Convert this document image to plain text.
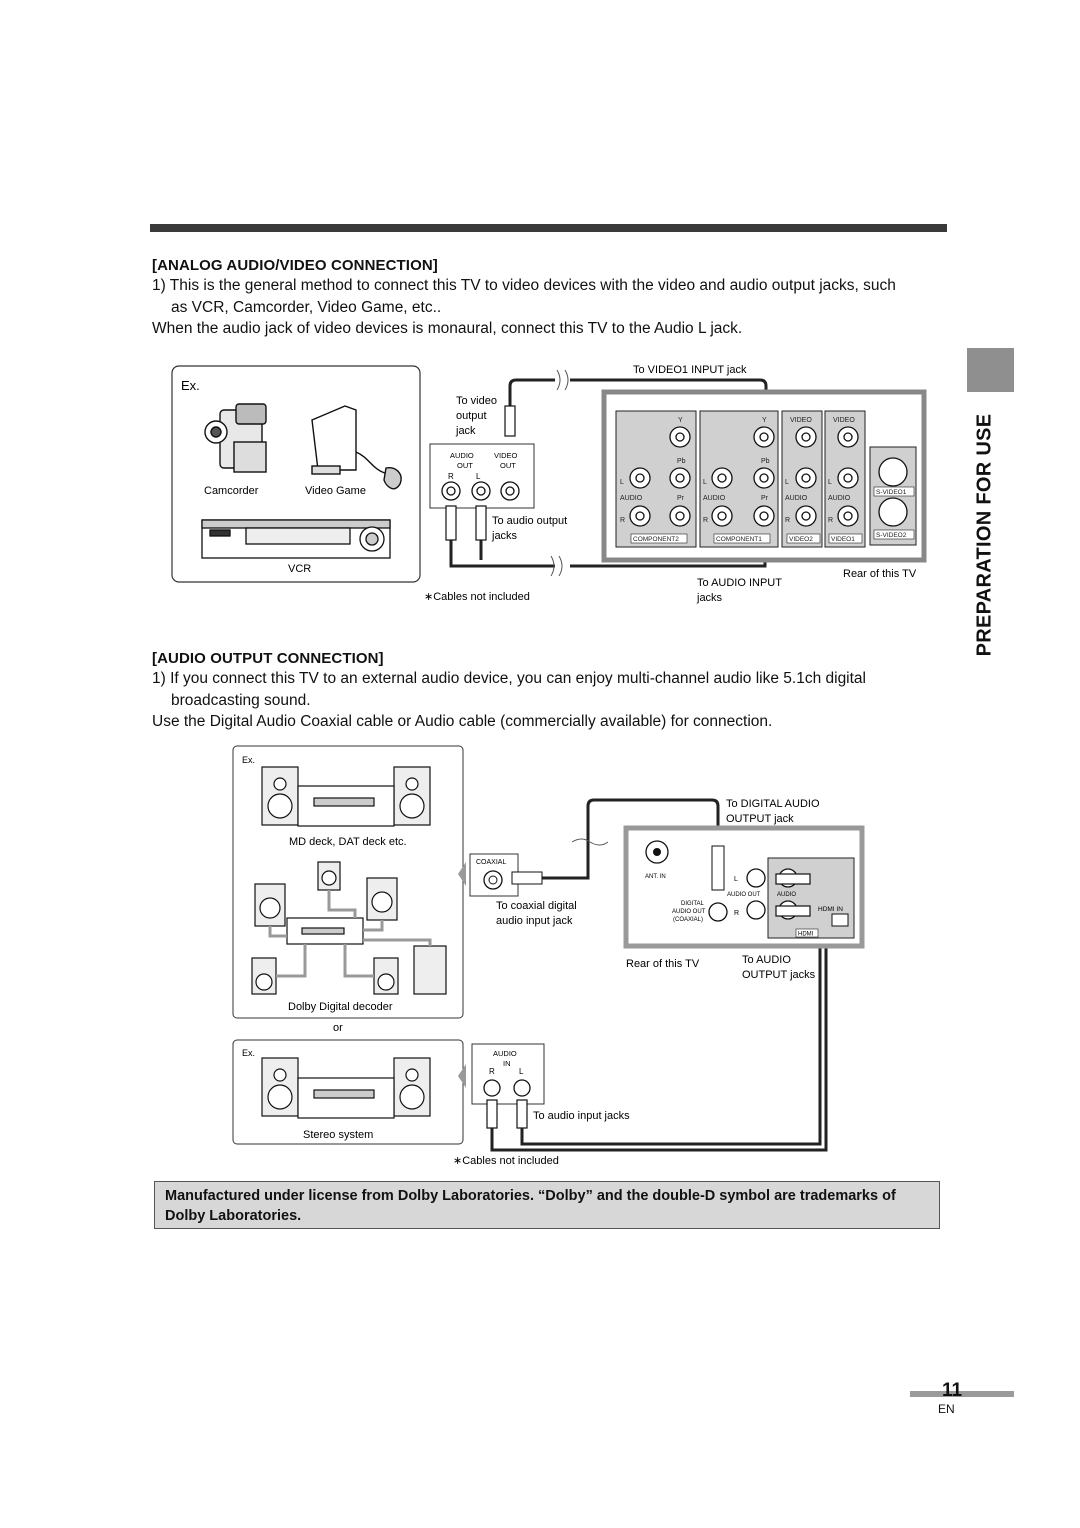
[ANALOG AUDIO/VIDEO CONNECTION]
1) This is the general method to connect this TV to video devices with the video and audio output jacks, such
as VCR, Camcorder, Video Game, etc..
When the audio jack of video devices is monaural, connect this TV to the Audio L jack.
PREPARATION FOR USE
Ex.
Camcorder	Video Game
VCR
To video
output
jack
AUDIO	VIDEO
OUT	OUT
R	L
To audio output
jacks
∗Cables not included
To VIDEO1 INPUT jack
Y	Y	VIDEO	VIDEO
Pb	Pb
AUDIO	Pr	AUDIO	Pr AUDIO	AUDIO
L
R
L
R
L
R
L
R
COMPONENT2	COMPONENT1	VIDEO2	VIDEO1
S-VIDEO1
S-VIDEO2
To AUDIO INPUT
jacks
Rear of this TV
[AUDIO OUTPUT CONNECTION]
1) If you connect this TV to an external audio device, you can enjoy multi-channel audio like 5.1ch digital
broadcasting sound.
Use the Digital Audio Coaxial cable or Audio cable (commercially available) for connection.
Ex.
MD deck, DAT deck etc.
Dolby Digital decoder
or
Ex.
Stereo system
COAXIAL
To coaxial digital
audio input jack
AUDIO
IN
R	L
To audio input jacks
To DIGITAL AUDIO
OUTPUT jack
ANT. IN
DIGITAL
AUDIO OUT
(COAXIAL)
L
R
AUDIO OUT	AUDIO
HDMI IN
HDMI
Rear of this TV	To AUDIO
OUTPUT jacks
∗Cables not included
Manufactured under license from Dolby Laboratories. “Dolby” and the double-D symbol are trademarks of Dolby Laboratories.
11
EN
